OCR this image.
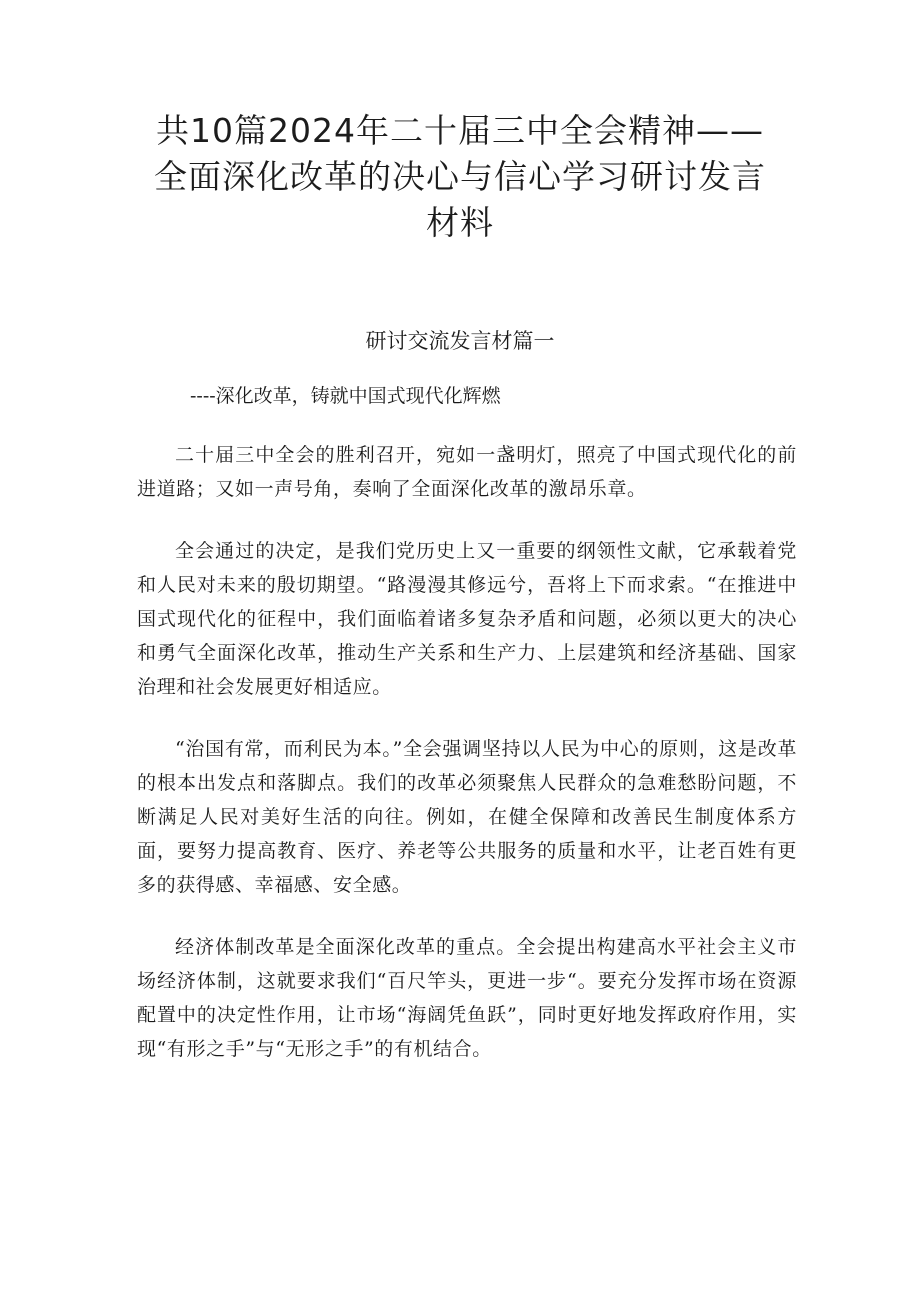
共10篇2024年二十届三中全会精神——
全面深化改革的决心与信心学习研讨发言
材料
研讨交流发言材篇一
----深化改革，铸就中国式现代化辉燃

二十届三中全会的胜利召开，宛如一盏明灯，照亮了中国式现代化的前进道路；又如一声号角，奏响了全面深化改革的激昂乐章。

全会通过的决定，是我们党历史上又一重要的纲领性文献，它承载着党和人民对未来的殷切期望。“路漫漫其修远兮，吾将上下而求索。“在推进中国式现代化的征程中，我们面临着诸多复杂矛盾和问题，必须以更大的决心和勇气全面深化改革，推动生产关系和生产力、上层建筑和经济基础、国家治理和社会发展更好相适应。

“治国有常，而利民为本。”全会强调坚持以人民为中心的原则，这是改革的根本出发点和落脚点。我们的改革必须聚焦人民群众的急难愁盼问题，不断满足人民对美好生活的向往。例如，在健全保障和改善民生制度体系方面，要努力提高教育、医疗、养老等公共服务的质量和水平，让老百姓有更多的获得感、幸福感、安全感。

经济体制改革是全面深化改革的重点。全会提出构建高水平社会主义市场经济体制，这就要求我们“百尺竿头，更进一步“。要充分发挥市场在资源配置中的决定性作用，让市场“海阔凭鱼跃”，同时更好地发挥政府作用，实现“有形之手”与“无形之手”的有机结合。
